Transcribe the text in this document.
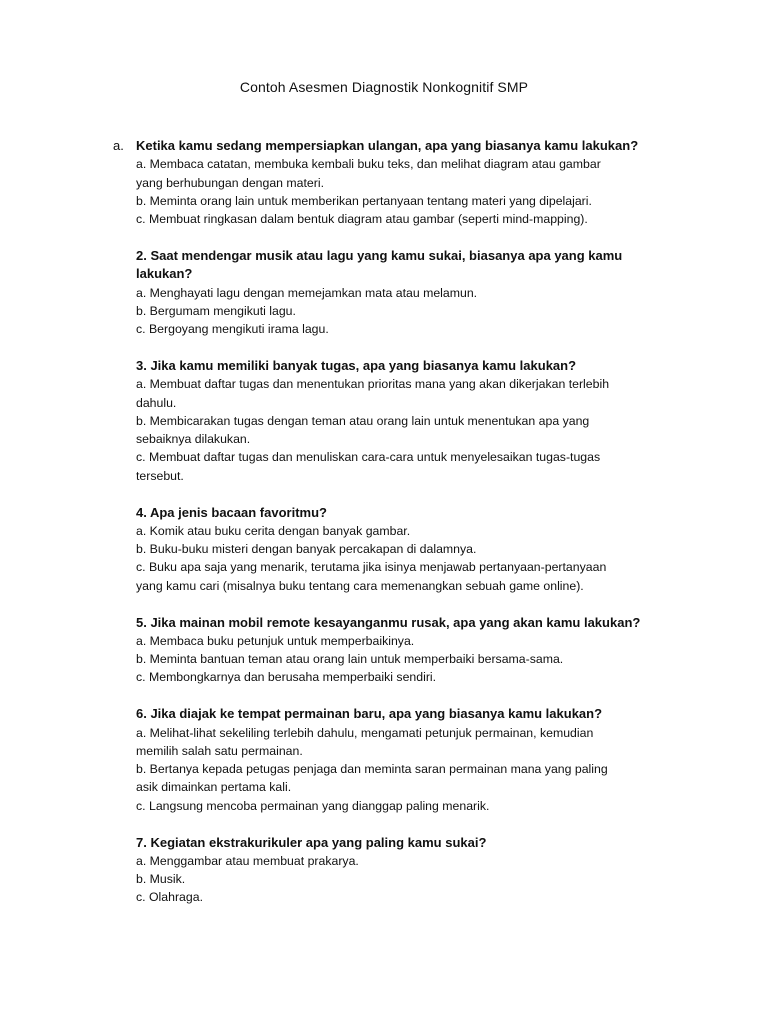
Contoh Asesmen Diagnostik Nonkognitif SMP
a. Ketika kamu sedang mempersiapkan ulangan, apa yang biasanya kamu lakukan?
a. Membaca catatan, membuka kembali buku teks, dan melihat diagram atau gambar
yang berhubungan dengan materi.
b. Meminta orang lain untuk memberikan pertanyaan tentang materi yang dipelajari.
c. Membuat ringkasan dalam bentuk diagram atau gambar (seperti mind-mapping).
2. Saat mendengar musik atau lagu yang kamu sukai, biasanya apa yang kamu lakukan?
a. Menghayati lagu dengan memejamkan mata atau melamun.
b. Bergumam mengikuti lagu.
c. Bergoyang mengikuti irama lagu.
3. Jika kamu memiliki banyak tugas, apa yang biasanya kamu lakukan?
a. Membuat daftar tugas dan menentukan prioritas mana yang akan dikerjakan terlebih
dahulu.
b. Membicarakan tugas dengan teman atau orang lain untuk menentukan apa yang
sebaiknya dilakukan.
c. Membuat daftar tugas dan menuliskan cara-cara untuk menyelesaikan tugas-tugas
tersebut.
4. Apa jenis bacaan favoritmu?
a. Komik atau buku cerita dengan banyak gambar.
b. Buku-buku misteri dengan banyak percakapan di dalamnya.
c. Buku apa saja yang menarik, terutama jika isinya menjawab pertanyaan-pertanyaan
yang kamu cari (misalnya buku tentang cara memenangkan sebuah game online).
5. Jika mainan mobil remote kesayanganmu rusak, apa yang akan kamu lakukan?
a. Membaca buku petunjuk untuk memperbaikinya.
b. Meminta bantuan teman atau orang lain untuk memperbaiki bersama-sama.
c. Membongkarnya dan berusaha memperbaiki sendiri.
6. Jika diajak ke tempat permainan baru, apa yang biasanya kamu lakukan?
a. Melihat-lihat sekeliling terlebih dahulu, mengamati petunjuk permainan, kemudian
memilih salah satu permainan.
b. Bertanya kepada petugas penjaga dan meminta saran permainan mana yang paling
asik dimainkan pertama kali.
c. Langsung mencoba permainan yang dianggap paling menarik.
7. Kegiatan ekstrakurikuler apa yang paling kamu sukai?
a. Menggambar atau membuat prakarya.
b. Musik.
c. Olahraga.
